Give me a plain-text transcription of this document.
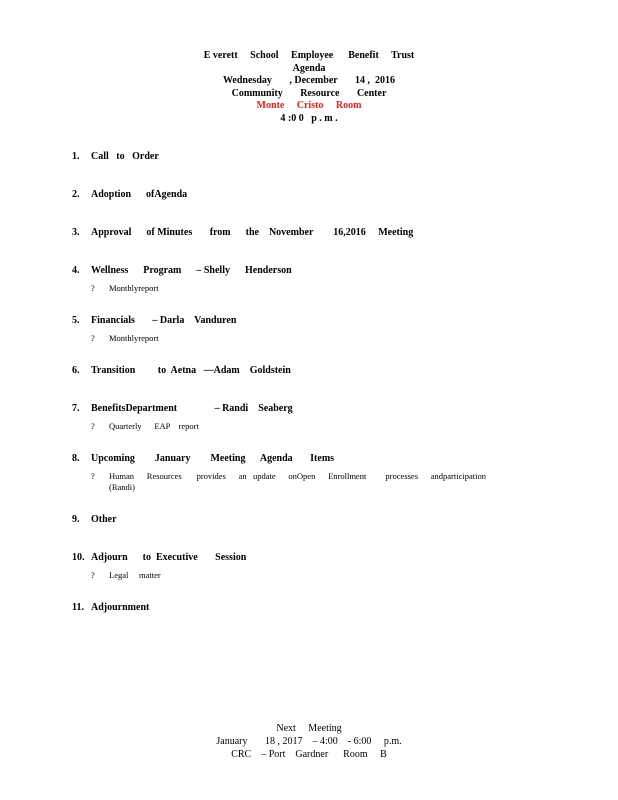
E verett     School     Employee      Benefit     Trust
Agenda
Wednesday       , December       14 ,  2016
Community       Resource       Center
Monte     Cristo     Room
4 :0 0   p . m .
1. Call   to   Order
2. Adoption      ofAgenda
3. Approval      of Minutes       from      the    November        16,2016     Meeting
4. Wellness      Program      – Shelly      Henderson
? Monthlyreport
5. Financials       – Darla    Vanduren
? Monthlyreport
6. Transition         to  Aetna   —Adam    Goldstein
7. BenefitsDepartment               – Randi    Seaberg
? Quarterly      EAP    report
8. Upcoming        January        Meeting      Agenda       Items
? Human      Resources       provides      an   update      onOpen      Enrollment         processes      andparticipation
(Randi)
9. Other
10. Adjourn      to  Executive       Session
? Legal     matter
11. Adjournment
Next     Meeting
January       18 , 2017    – 4:00    - 6:00     p.m.
CRC    – Port    Gardner      Room     B
